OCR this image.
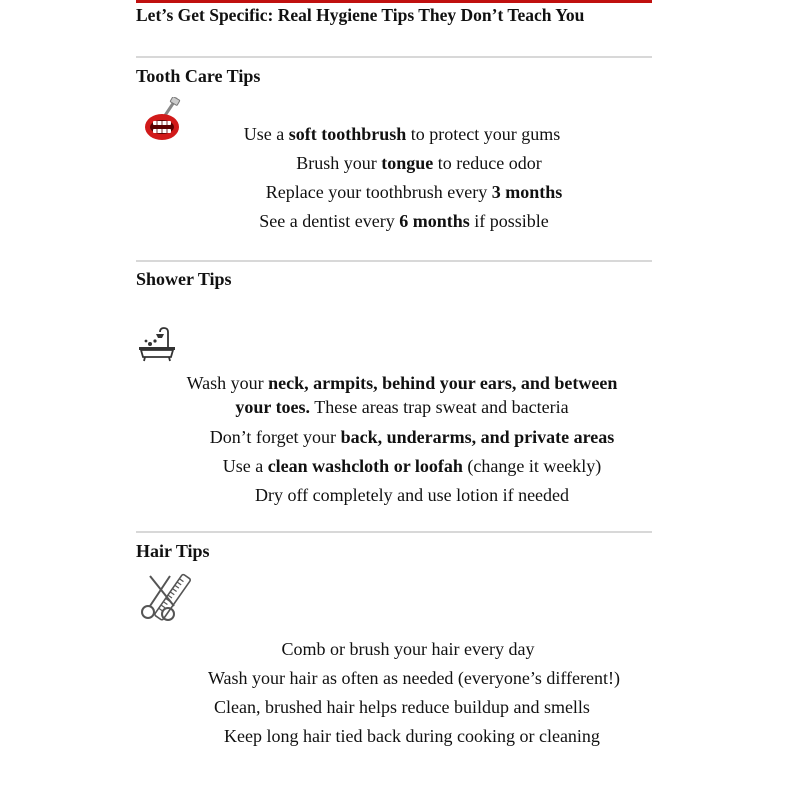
Let’s Get Specific: Real Hygiene Tips They Don’t Teach You
Tooth Care Tips
Use a soft toothbrush to protect your gums
Brush your tongue to reduce odor
Replace your toothbrush every 3 months
See a dentist every 6 months if possible
Shower Tips
Wash your neck, armpits, behind your ears, and between your toes. These areas trap sweat and bacteria
Don’t forget your back, underarms, and private areas
Use a clean washcloth or loofah (change it weekly)
Dry off completely and use lotion if needed
Hair Tips
Comb or brush your hair every day
Wash your hair as often as needed (everyone’s different!)
Clean, brushed hair helps reduce buildup and smells
Keep long hair tied back during cooking or cleaning
